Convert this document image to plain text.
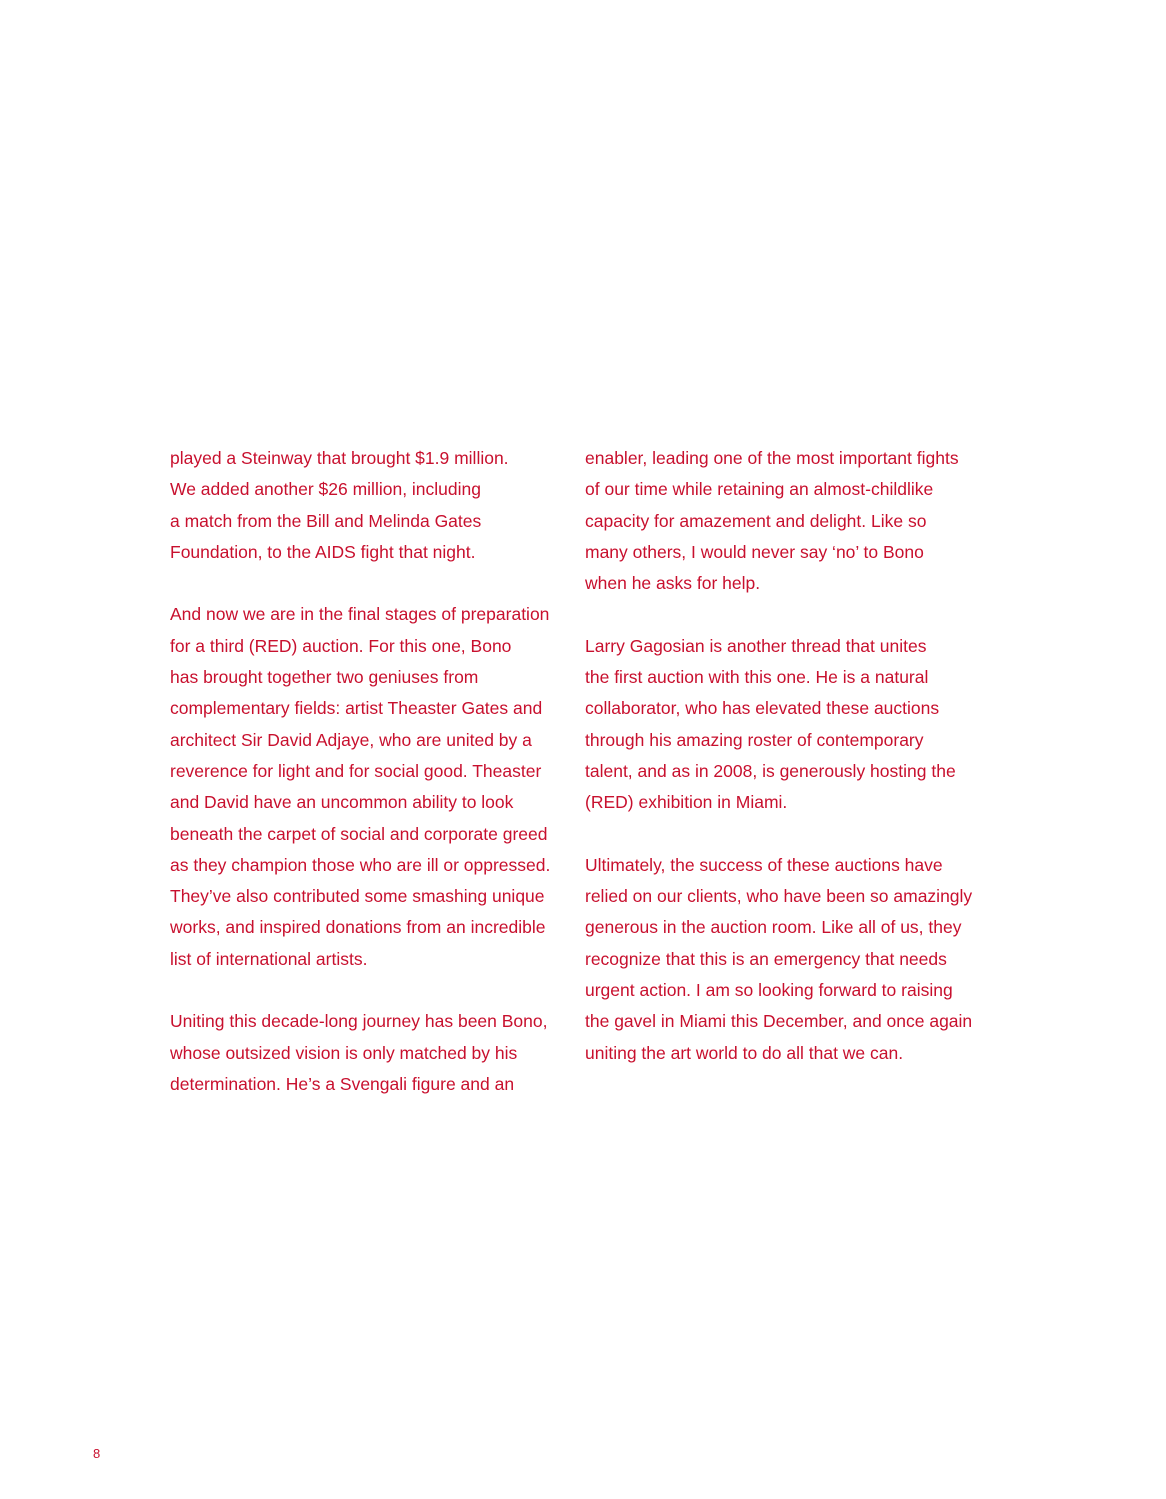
played a Steinway that brought $1.9 million.
We added another $26 million, including
a match from the Bill and Melinda Gates
Foundation, to the AIDS fight that night.

And now we are in the final stages of preparation
for a third (RED) auction. For this one, Bono
has brought together two geniuses from
complementary fields: artist Theaster Gates and
architect Sir David Adjaye, who are united by a
reverence for light and for social good. Theaster
and David have an uncommon ability to look
beneath the carpet of social and corporate greed
as they champion those who are ill or oppressed.
They’ve also contributed some smashing unique
works, and inspired donations from an incredible
list of international artists.

Uniting this decade-long journey has been Bono,
whose outsized vision is only matched by his
determination. He’s a Svengali figure and an

enabler, leading one of the most important fights
of our time while retaining an almost-childlike
capacity for amazement and delight. Like so
many others, I would never say ‘no’ to Bono
when he asks for help.

Larry Gagosian is another thread that unites
the first auction with this one. He is a natural
collaborator, who has elevated these auctions
through his amazing roster of contemporary
talent, and as in 2008, is generously hosting the
(RED) exhibition in Miami.

Ultimately, the success of these auctions have
relied on our clients, who have been so amazingly
generous in the auction room. Like all of us, they
recognize that this is an emergency that needs
urgent action. I am so looking forward to raising
the gavel in Miami this December, and once again
uniting the art world to do all that we can.

8
